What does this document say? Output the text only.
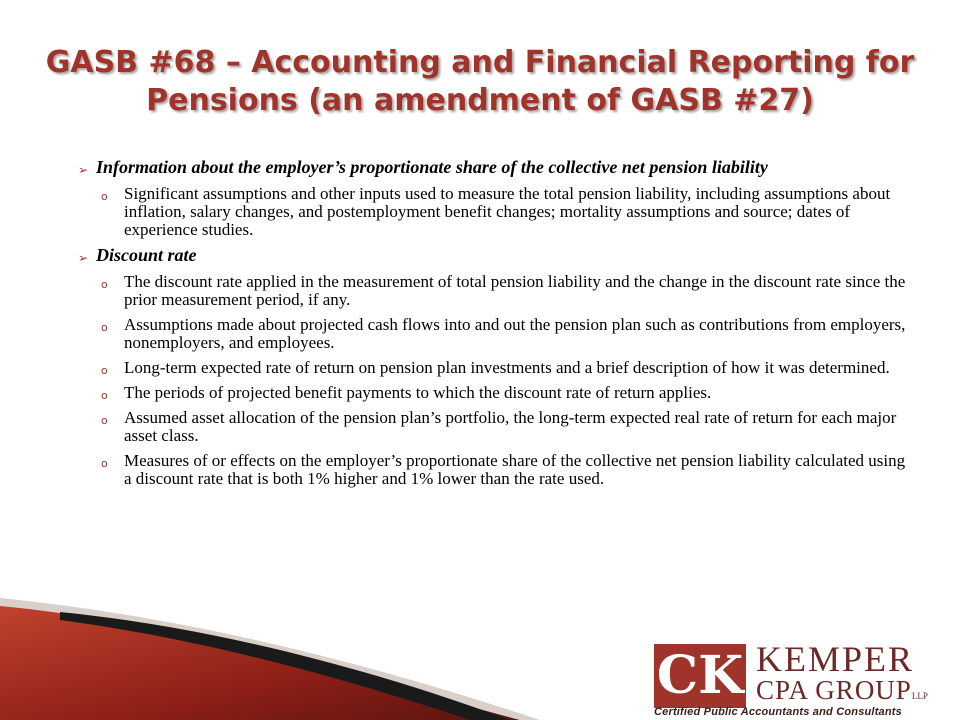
GASB #68 – Accounting and Financial Reporting for
Pensions (an amendment of GASB #27)
➢ Information about the employer’s proportionate share of the collective net pension liability
o Significant assumptions and other inputs used to measure the total pension liability, including assumptions about inflation, salary changes, and postemployment benefit changes; mortality assumptions and source; dates of experience studies.
➢ Discount rate
o The discount rate applied in the measurement of total pension liability and the change in the discount rate since the prior measurement period, if any.
o Assumptions made about projected cash flows into and out the pension plan such as contributions from employers, nonemployers, and employees.
o Long-term expected rate of return on pension plan investments and a brief description of how it was determined.
o The periods of projected benefit payments to which the discount rate of return applies.
o Assumed asset allocation of the pension plan’s portfolio, the long-term expected real rate of return for each major asset class.
o Measures of or effects on the employer’s proportionate share of the collective net pension liability calculated using a discount rate that is both 1% higher and 1% lower than the rate used.
CK KEMPER
CPA GROUPLLP
Certified Public Accountants and Consultants
